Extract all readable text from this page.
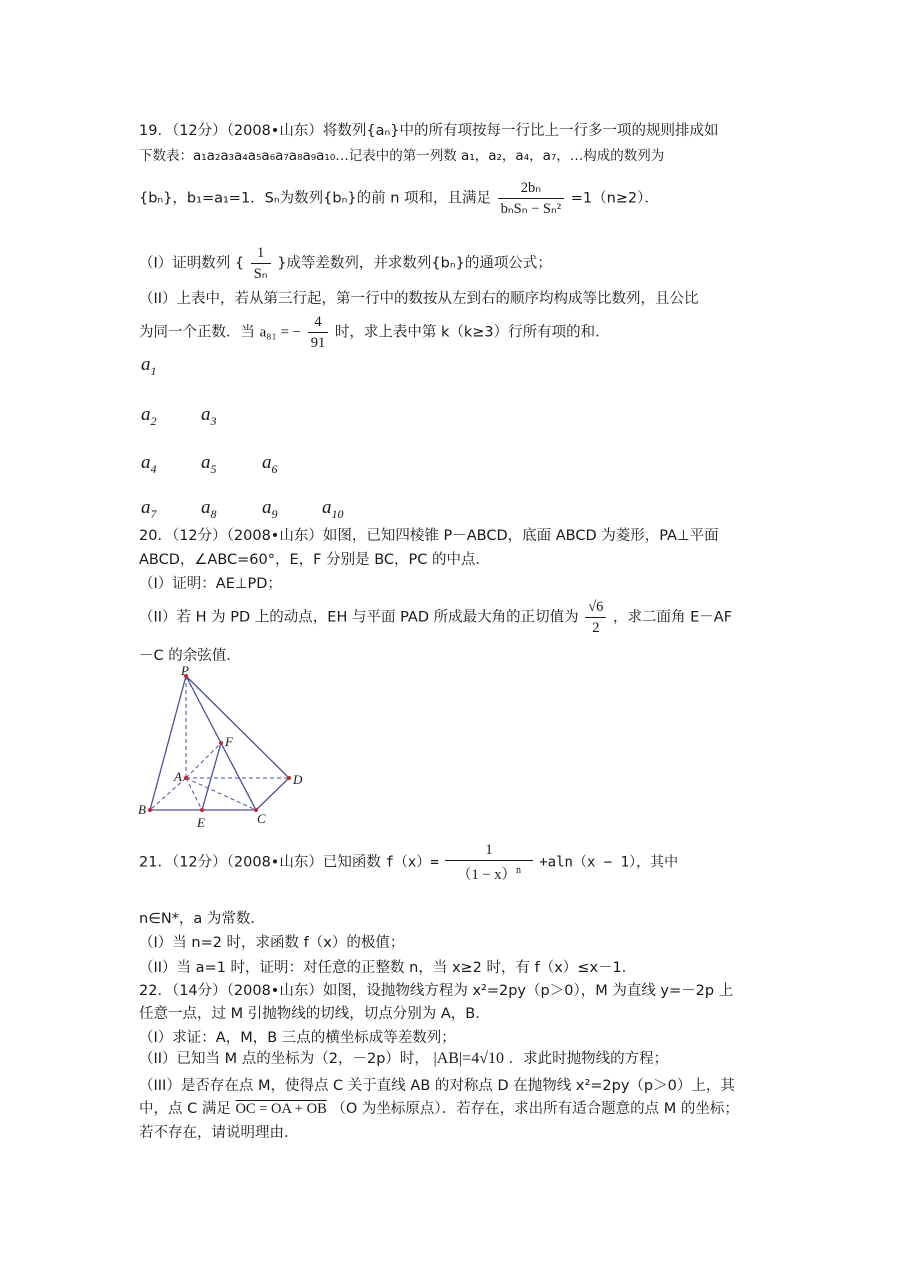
19．（12分）（2008•山东）将数列{aₙ}中的所有项按每一行比上一行多一项的规则排成如
下数表：a₁a₂a₃a₄a₅a₆a₇a₈a₉a₁₀…记表中的第一列数 a₁，a₂，a₄，a₇，…构成的数列为
{bₙ}，b₁=a₁=1．Sₙ为数列{bₙ}的前 n 项和，且满足 $\frac{\text{2bₙ}}{\text{bₙSₙ − Sₙ²}} =1(n\ge 2)$．
（I）证明数列 { $\frac{1}{\text{Sₙ}}$ }成等差数列，并求数列{bₙ}的通项公式；
（II）上表中，若从第三行起，第一行中的数按从左到右的顺序均构成等比数列，且公比
为同一个正数．当 a₈₁ = − $\frac{4}{91}$ 时，求上表中第 k（k≥3）行所有项的和．
$a_1$
$a_2$ $a_3$
$a_4$ $a_5$ $a_6$
$a_7$ $a_8$ $a_9$ $a_{10}$
20．（12分）（2008•山东）如图，已知四棱锥 P－ABCD，底面 ABCD 为菱形，PA⊥平面
ABCD，∠ABC=60°，E，F 分别是 BC，PC 的中点．
（I）证明：AE⊥PD；
（II）若 H 为 PD 上的动点，EH 与平面 PAD 所成最大角的正切值为 $\frac{√6}{2}$ ，求二面角 E－AF
－C 的余弦值．
P
F
A	D
B
E	C
21．（12分）（2008•山东）已知函数 $f(x)= \frac{1}{(1 - x)^n} +aln(x - 1)$，其中
n∈N*，a 为常数．
（I）当 n=2 时，求函数 f（x）的极值；
（II）当 a=1 时，证明：对任意的正整数 n，当 x≥2 时，有 f（x）≤x－1．
22．（14分）（2008•山东）如图，设抛物线方程为 x²=2py（p＞0），M 为直线 y=－2p 上
任意一点，过 M 引抛物线的切线，切点分别为 A，B．
（I）求证：A，M，B 三点的横坐标成等差数列；
（II）已知当 M 点的坐标为（2，－2p）时， |AB|=4√10 ．求此时抛物线的方程；
（III）是否存在点 M，使得点 C 关于直线 AB 的对称点 D 在抛物线 x²=2py（p＞0）上，其
中，点 C 满足 OC = OA + OB （O 为坐标原点）．若存在，求出所有适合题意的点 M 的坐标；
若不存在，请说明理由．
